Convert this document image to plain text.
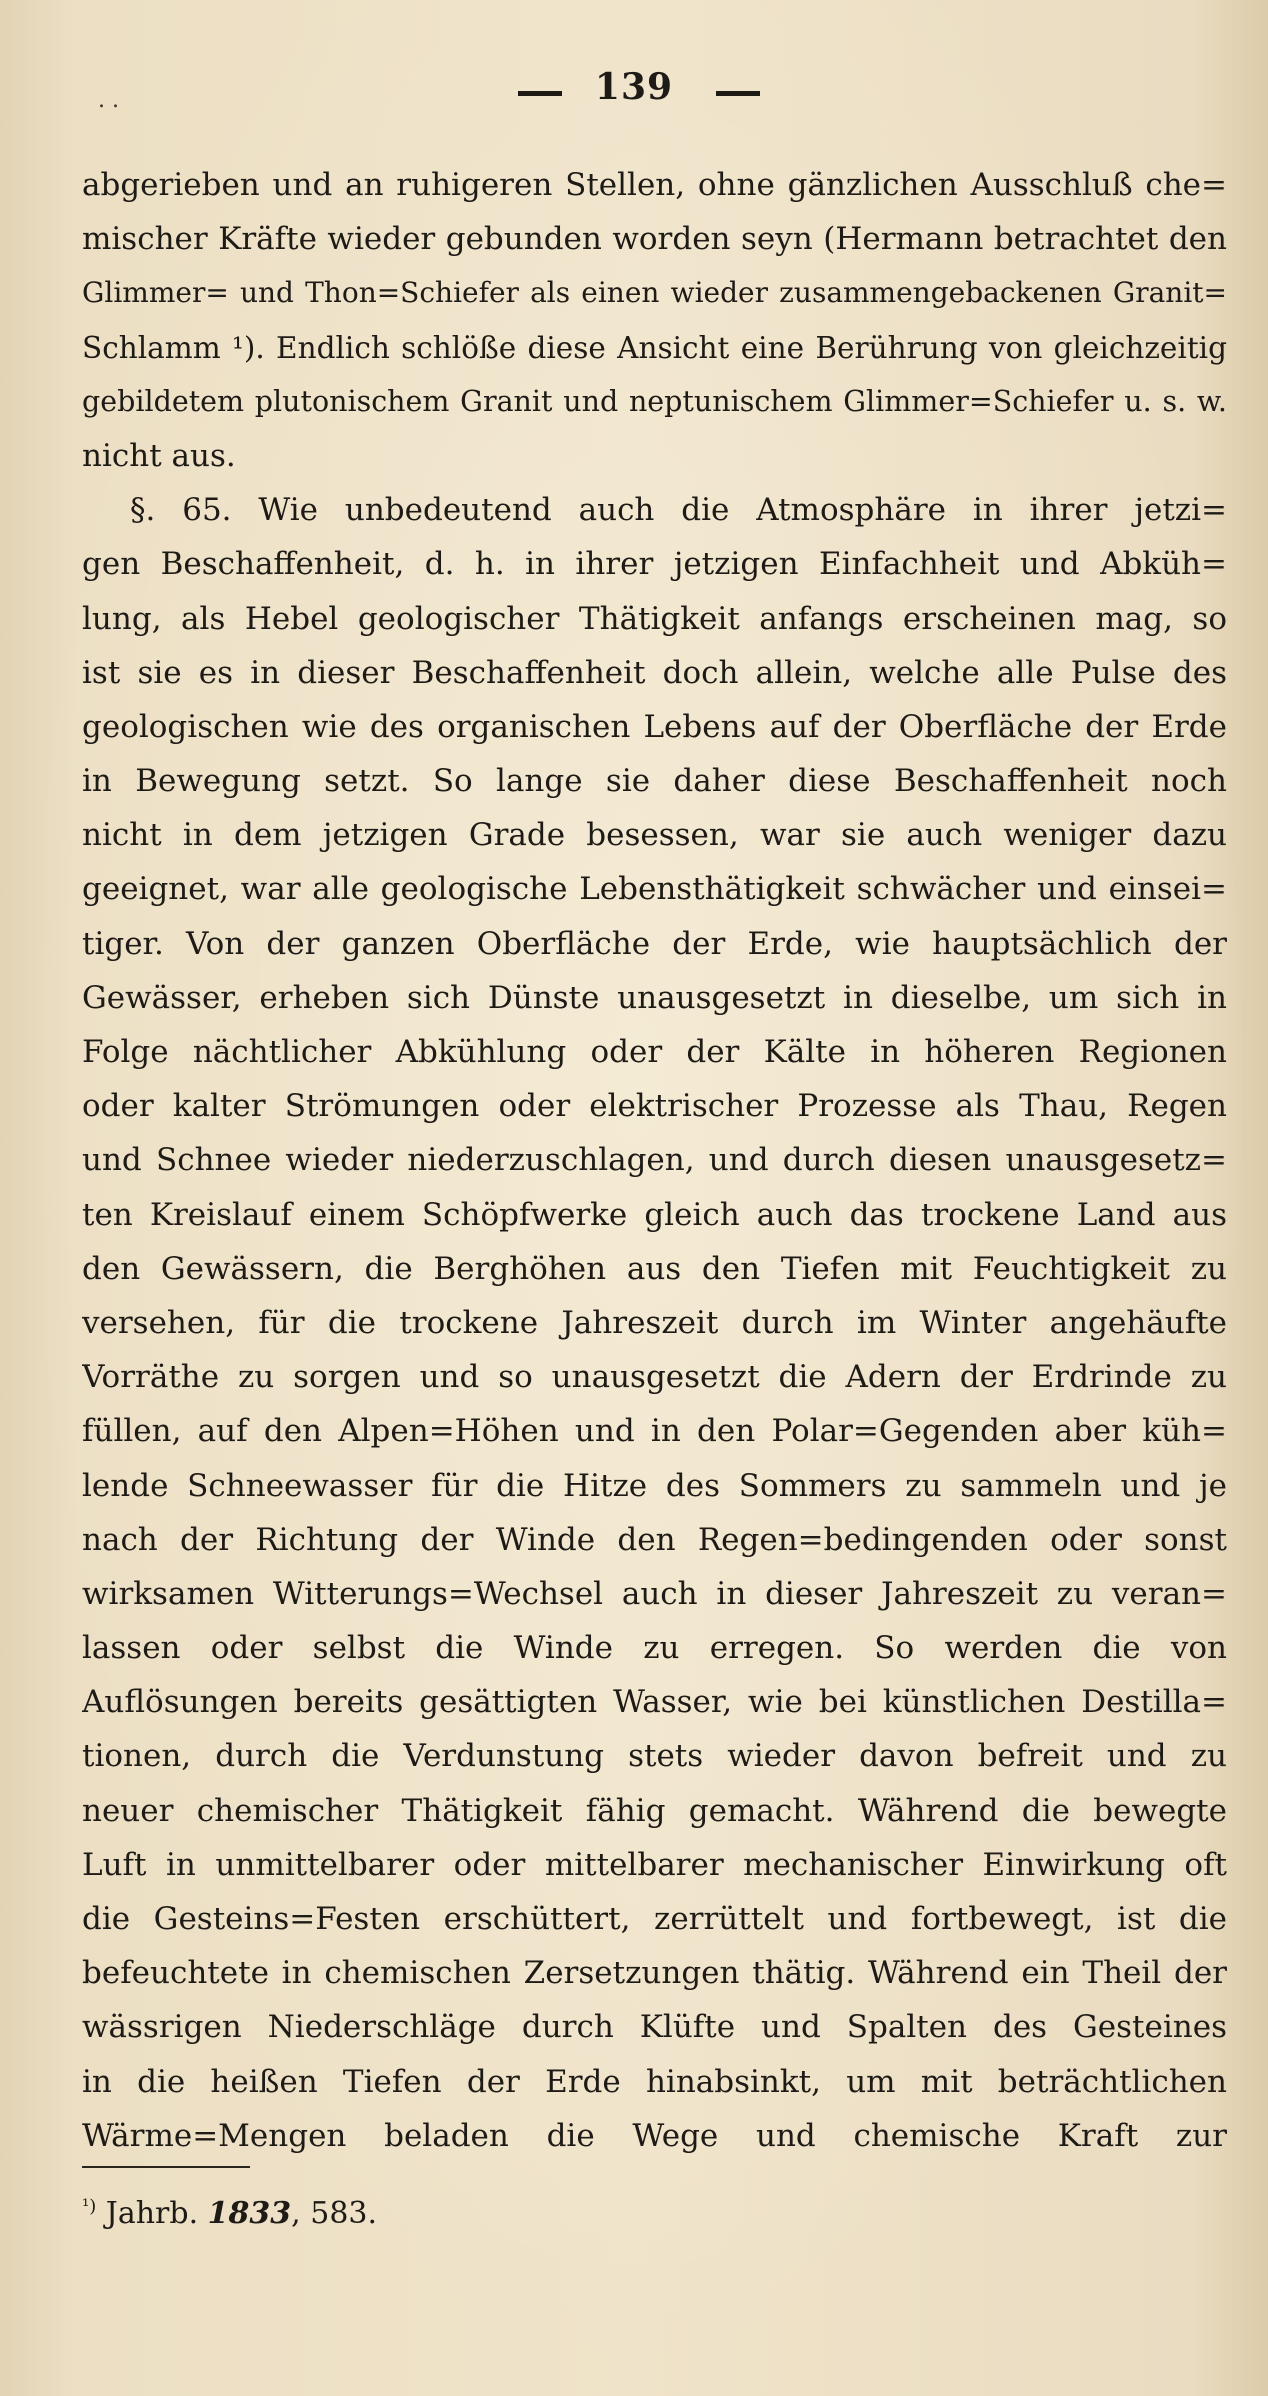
. .	139
abgerieben und an ruhigeren Stellen, ohne gänzlichen Ausschluß che=
mischer Kräfte wieder gebunden worden seyn (Hermann betrachtet den
Glimmer= und Thon=Schiefer als einen wieder zusammengebackenen Granit=
Schlamm ¹). Endlich schlöße diese Ansicht eine Berührung von gleichzeitig
gebildetem plutonischem Granit und neptunischem Glimmer=Schiefer u. s. w.
nicht aus.
§. 65. Wie unbedeutend auch die Atmosphäre in ihrer jetzi=
gen Beschaffenheit, d. h. in ihrer jetzigen Einfachheit und Abküh=
lung, als Hebel geologischer Thätigkeit anfangs erscheinen mag, so
ist sie es in dieser Beschaffenheit doch allein, welche alle Pulse des
geologischen wie des organischen Lebens auf der Oberfläche der Erde
in Bewegung setzt. So lange sie daher diese Beschaffenheit noch
nicht in dem jetzigen Grade besessen, war sie auch weniger dazu
geeignet, war alle geologische Lebensthätigkeit schwächer und einsei=
tiger. Von der ganzen Oberfläche der Erde, wie hauptsächlich der
Gewässer, erheben sich Dünste unausgesetzt in dieselbe, um sich in
Folge nächtlicher Abkühlung oder der Kälte in höheren Regionen
oder kalter Strömungen oder elektrischer Prozesse als Thau, Regen
und Schnee wieder niederzuschlagen, und durch diesen unausgesetz=
ten Kreislauf einem Schöpfwerke gleich auch das trockene Land aus
den Gewässern, die Berghöhen aus den Tiefen mit Feuchtigkeit zu
versehen, für die trockene Jahreszeit durch im Winter angehäufte
Vorräthe zu sorgen und so unausgesetzt die Adern der Erdrinde zu
füllen, auf den Alpen=Höhen und in den Polar=Gegenden aber küh=
lende Schneewasser für die Hitze des Sommers zu sammeln und je
nach der Richtung der Winde den Regen=bedingenden oder sonst
wirksamen Witterungs=Wechsel auch in dieser Jahreszeit zu veran=
lassen oder selbst die Winde zu erregen. So werden die von
Auflösungen bereits gesättigten Wasser, wie bei künstlichen Destilla=
tionen, durch die Verdunstung stets wieder davon befreit und zu
neuer chemischer Thätigkeit fähig gemacht. Während die bewegte
Luft in unmittelbarer oder mittelbarer mechanischer Einwirkung oft
die Gesteins=Festen erschüttert, zerrüttelt und fortbewegt, ist die
befeuchtete in chemischen Zersetzungen thätig. Während ein Theil der
wässrigen Niederschläge durch Klüfte und Spalten des Gesteines
in die heißen Tiefen der Erde hinabsinkt, um mit beträchtlichen
Wärme=Mengen beladen die Wege und chemische Kraft zur
$^{^1)}$ Jahrb. 1833, 583.
